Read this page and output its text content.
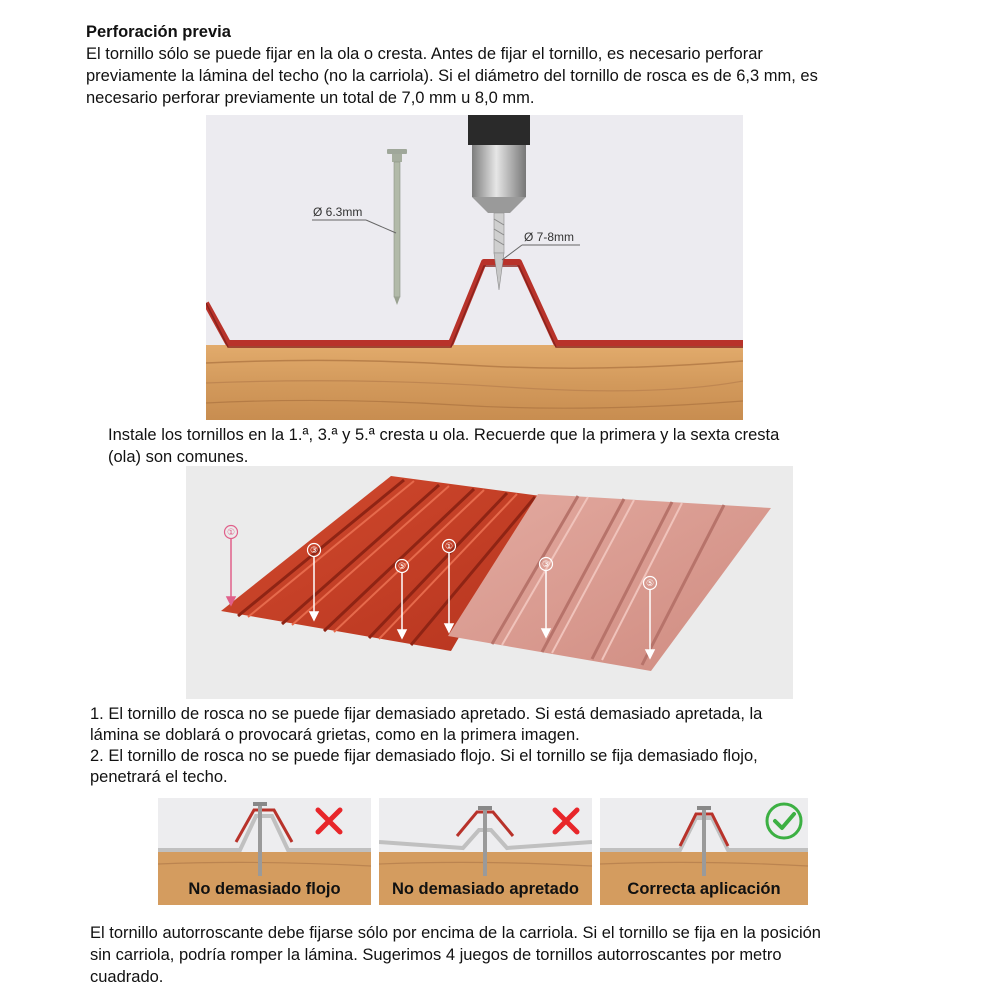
Perforación previa

El tornillo sólo se puede fijar en la ola o cresta. Antes de fijar el tornillo, es necesario perforar

previamente la lámina del techo (no la carriola). Si el diámetro del tornillo de rosca es de 6,3 mm, es

necesario perforar previamente un total de 7,0 mm u 8,0 mm.

Ø 6.3mm
Ø 7-8mm

Instale los tornillos en la 1.ª, 3.ª y 5.ª cresta u ola. Recuerde que la primera y la sexta cresta

(ola) son comunes.

①
③
⑤
①
③
⑤

1. El tornillo de rosca no se puede fijar demasiado apretado. Si está demasiado apretada, la

lámina se doblará o provocará grietas, como en la primera imagen.

2. El tornillo de rosca no se puede fijar demasiado flojo. Si el tornillo se fija demasiado flojo,

penetrará el techo.

No demasiado flojo	No demasiado apretado	Correcta aplicación

El tornillo autorroscante debe fijarse sólo por encima de la carriola. Si el tornillo se fija en la posición

sin carriola, podría romper la lámina. Sugerimos 4 juegos de tornillos autorroscantes por metro

cuadrado.
